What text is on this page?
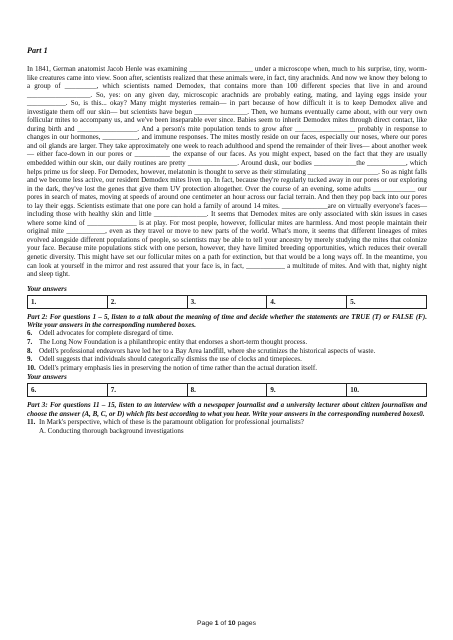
Part 1

In 1841, German anatomist Jacob Henle was examining __________________ under a microscope when, much to his surprise, tiny, worm-like creatures came into view. Soon after, scientists realized that these animals were, in fact, tiny arachnids. And now we know they belong to a group of _________, which scientists named Demodex, that contains more than 100 different species that live in and around __________________. So, yes: on any given day, microscopic arachnids are probably eating, mating, and laying eggs inside your ___________. So, is this... okay? Many might mysteries remain— in part because of how difficult it is to keep Demodex alive and investigate them off our skin— but scientists have begun _______________. Then, we humans eventually came about, with our very own follicular mites to accompany us, and we've been inseparable ever since. Babies seem to inherit Demodex mites through direct contact, like during birth and _________________. And a person's mite population tends to grow after _________________ probably in response to changes in our hormones, __________, and immune responses. The mites mostly reside on our faces, especially our noses, where our pores and oil glands are larger. They take approximately one week to reach adulthood and spend the remainder of their lives— about another week— either face-down in our pores or __________ the expanse of our faces. As you might expect, based on the fact that they are usually embedded within our skin, our daily routines are pretty ______________. Around dusk, our bodies ____________the ___________, which helps prime us for sleep. For Demodex, however, melatonin is thought to serve as their stimulating ____________________. So as night falls and we become less active, our resident Demodex mites liven up. In fact, because they're regularly tucked away in our pores or our exploring in the dark, they've lost the genes that give them UV protection altogether. Over the course of an evening, some adults ____________ our pores in search of mates, moving at speeds of around one centimeter an hour across our facial terrain. And then they pop back into our pores to lay their eggs. Scientists estimate that one pore can hold a family of around 14 mites. _____________are on virtually everyone's faces— including those with healthy skin and little _______________. It seems that Demodex mites are only associated with skin issues in cases where some kind of ______________ is at play. For most people, however, follicular mites are harmless. And most people maintain their original mite ___________, even as they travel or move to new parts of the world. What's more, it seems that different lineages of mites evolved alongside different populations of people, so scientists may be able to tell your ancestry by merely studying the mites that colonize your face. Because mite populations stick with one person, however, they have limited breeding opportunities, which reduces their overall genetic diversity. This might have set our follicular mites on a path for extinction, but that would be a long ways off. In the meantime, you can look at yourself in the mirror and rest assured that your face is, in fact, ___________ a multitude of mites. And with that, nighty night and sleep tight.

Your answers

1.	2.	3.	4.	5.

Part 2: For questions 1 – 5, listen to a talk about the meaning of time and decide whether the statements are TRUE (T) or FALSE (F). Write your answers in the corresponding numbered boxes.

6. Odell advocates for complete disregard of time.
7. The Long Now Foundation is a philanthropic entity that endorses a short-term thought process.
8. Odell's professional endeavors have led her to a Bay Area landfill, where she scrutinizes the historical aspects of waste.
9. Odell suggests that individuals should categorically dismiss the use of clocks and timepieces.
10. Odell's primary emphasis lies in preserving the notion of time rather than the actual duration itself.

Your answers

6.	7.	8.	9.	10.

Part 3: For questions 11 – 15, listen to an interview with a newspaper journalist and a university lecturer about citizen journalism and choose the answer (A, B, C, or D) which fits best according to what you hear. Write your answers in the corresponding numbered boxes0.

11. In Mark's perspective, which of these is the paramount obligation for professional journalists?

A. Conducting thorough background investigations

Page 1 of 10 pages
